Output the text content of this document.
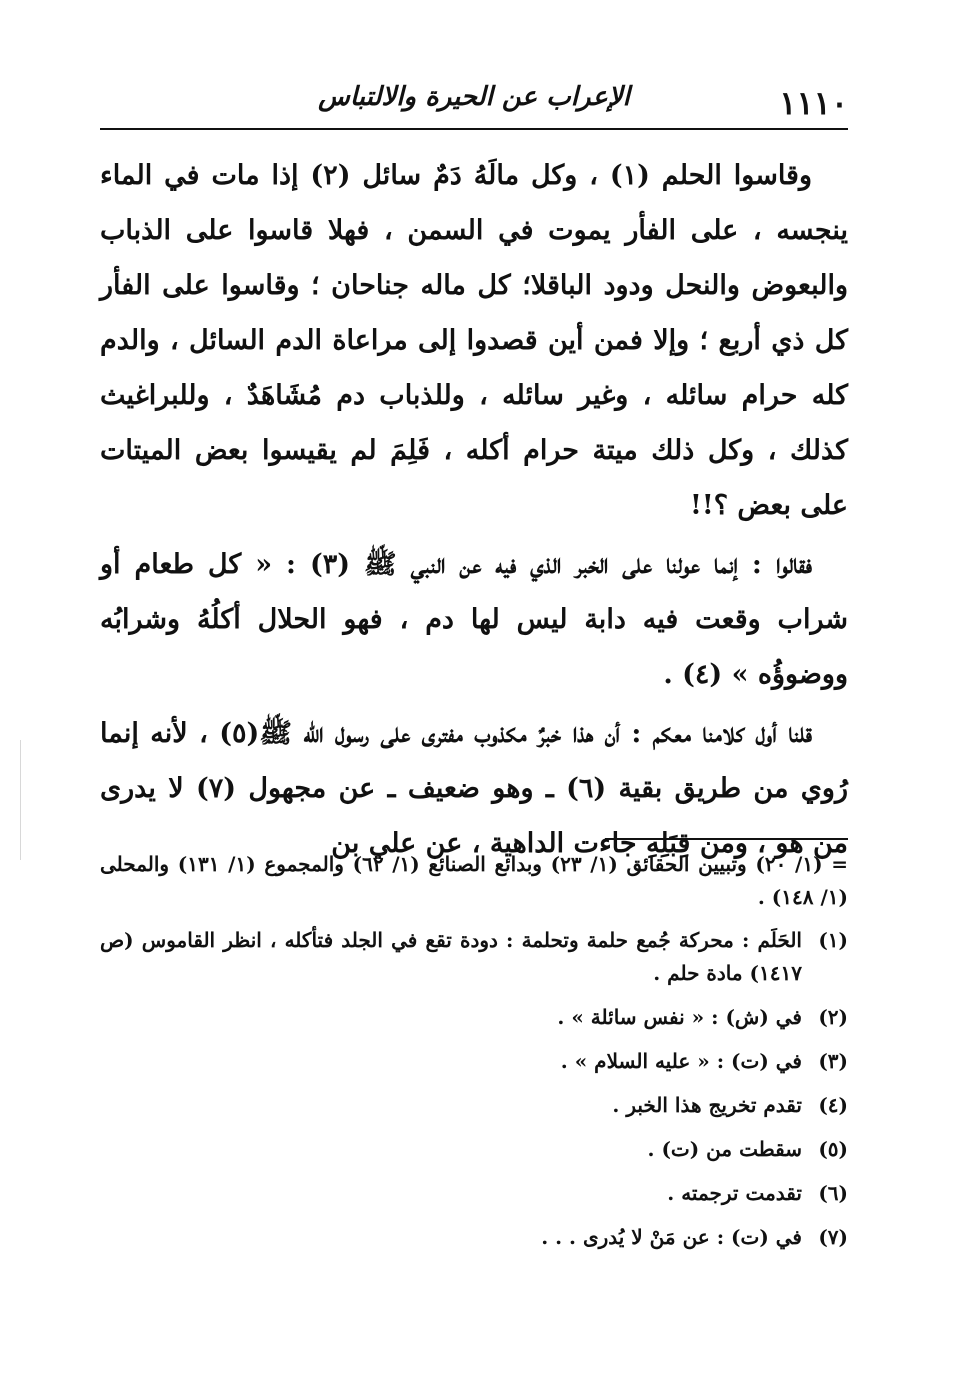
١١١٠
الإعراب عن الحيرة والالتباس

وقاسوا الحلم (١) ، وكل مالَهُ دَمٌ سائل (٢) إذا مات في الماء ينجسه ، على الفأر يموت في السمن ، فهلا قاسوا على الذباب والبعوض والنحل ودود الباقلا؛ كل ماله جناحان ؛ وقاسوا على الفأر كل ذي أربع ؛ وإلا فمن أين قصدوا إلى مراعاة الدم السائل ، والدم كله حرام سائله ، وغير سائله ، وللذباب دم مُشَاهَدٌ ، وللبراغيث كذلك ، وكل ذلك ميتة حرام أكله ، فَلِمَ لم يقيسوا بعض الميتات على بعض ؟!!

فقالوا : إنما عولنا على الخبر الذي فيه عن النبي ﷺ (٣) : « كل طعام أو شراب وقعت فيه دابة ليس لها دم ، فهو الحلال أكلُهُ وشرابُه ووضوؤُه » (٤) .

قلنا أول كلامنا معكم : أن هذا خبرٌ مكذوب مفترى على رسول الله ﷺ(٥) ، لأنه إنما رُوي من طريق بقية (٦) ـ وهو ضعيف ـ عن مجهول (٧) لا يدرى من هو ، ومن قِبَلِهِ جاءت الداهية ، عن علي بن

= (١/ ٢٠) وتبيين الحقائق (١/ ٢٣) وبدائع الصنائع (١/ ٦٢) والمجموع (١/ ١٣١) والمحلى (١/ ١٤٨) .

(١)
الحَلَم : محركة جُمع حلمة وتحلمة : دودة تقع في الجلد فتأكله ، انظر القاموس (ص ١٤١٧) مادة حلم .
(٢)
في (ش) : « نفس سائلة » .
(٣)
في (ت) : « عليه السلام » .
(٤)
تقدم تخريج هذا الخبر .
(٥)
سقطت من (ت) .
(٦)
تقدمت ترجمته .
(٧)
في (ت) : عن مَنْ لا يُدرى . . .
